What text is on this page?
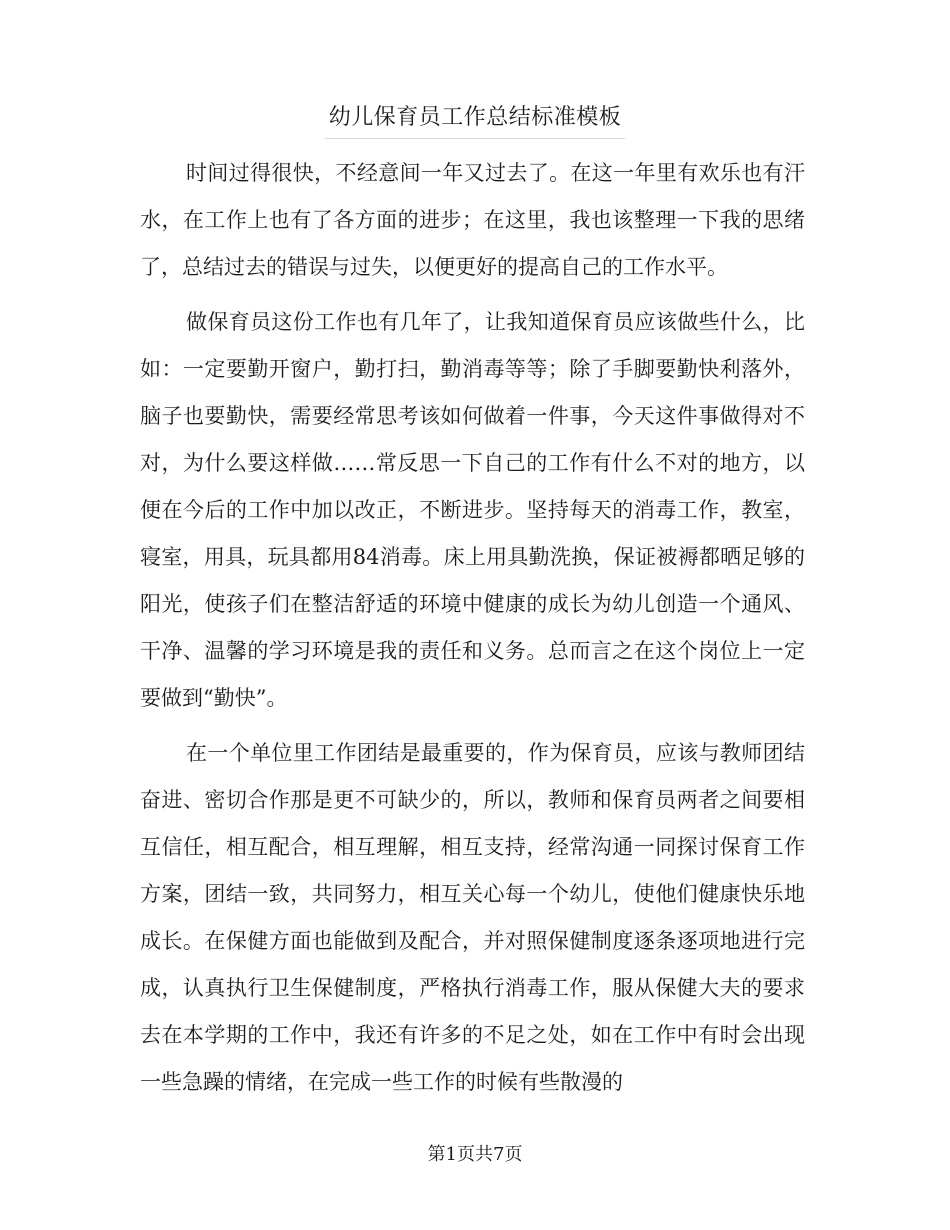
幼儿保育员工作总结标准模板

时间过得很快，不经意间一年又过去了。在这一年里有欢乐也有汗水，在工作上也有了各方面的进步；在这里，我也该整理一下我的思绪了，总结过去的错误与过失，以便更好的提高自己的工作水平。

做保育员这份工作也有几年了，让我知道保育员应该做些什么，比如：一定要勤开窗户，勤打扫，勤消毒等等；除了手脚要勤快利落外，脑子也要勤快，需要经常思考该如何做着一件事，今天这件事做得对不对，为什么要这样做……常反思一下自己的工作有什么不对的地方，以便在今后的工作中加以改正，不断进步。坚持每天的消毒工作，教室，寝室，用具，玩具都用84消毒。床上用具勤洗换，保证被褥都晒足够的阳光，使孩子们在整洁舒适的环境中健康的成长为幼儿创造一个通风、干净、温馨的学习环境是我的责任和义务。总而言之在这个岗位上一定要做到“勤快”。

在一个单位里工作团结是最重要的，作为保育员，应该与教师团结奋进、密切合作那是更不可缺少的，所以，教师和保育员两者之间要相互信任，相互配合，相互理解，相互支持，经常沟通一同探讨保育工作方案，团结一致，共同努力，相互关心每一个幼儿，使他们健康快乐地成长。在保健方面也能做到及配合，并对照保健制度逐条逐项地进行完成，认真执行卫生保健制度，严格执行消毒工作，服从保健大夫的要求去在本学期的工作中，我还有许多的不足之处，如在工作中有时会出现一些急躁的情绪，在完成一些工作的时候有些散漫的

第1页共7页
